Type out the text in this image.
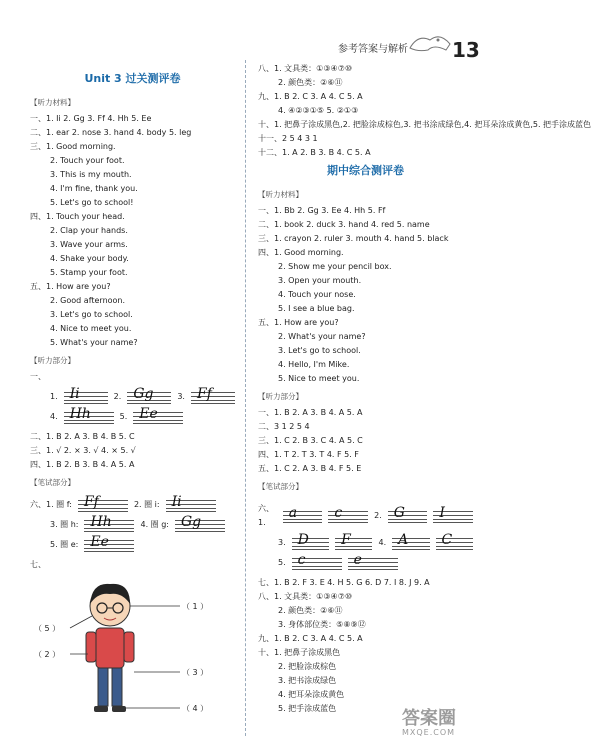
参考答案与解析 13
Unit 3 过关测评卷
【 听力材料 】
一、1. Ii 2. Gg 3. Ff 4. Hh 5. Ee
二、1. ear 2. nose 3. hand 4. body 5. leg
三、1. Good morning.
2. Touch your foot.
3. This is my mouth.
4. I'm fine, thank you.
5. Let's go to school!
四、1. Touch your head.
2. Clap your hands.
3. Wave your arms.
4. Shake your body.
5. Stamp your foot.
五、1. How are you?
2. Good afternoon.
3. Let's go to school.
4. Nice to meet you.
5. What's your name?
【 听力部分 】
一、
1. Ii	2. Gg	3. Ff
4. Hh	5. Ee
二、1. B 2. A 3. B 4. B 5. C
三、1. √ 2. × 3. √ 4. × 5. √
四、1. B 2. B 3. B 4. A 5. A
【 笔试部分 】
六、1. 圈 f: Ff	2. 圈 i: Ii
3. 圈 h: Hh	4. 圈 g: Gg
5. 圈 e: Ee
七、
（ 1 ）
（ 5 ）
（ 2 ）
（ 3 ）
（ 4 ）
八、1. 文具类：①③④⑦⑩
2. 颜色类：②⑥⑪
九、1. B 2. C 3. A 4. C 5. A
4. ④②③①⑤ 5. ②①③
十、1. 把鼻子涂成黑色,2. 把脸涂成棕色,3. 把书涂成绿色,4. 把耳朵涂成黄色,5. 把手涂成蓝色
十一、2 5 4 3 1
十二、1. A 2. B 3. B 4. C 5. A
期中综合测评卷
【 听力材料 】
一、1. Bb 2. Gg 3. Ee 4. Hh 5. Ff
二、1. book 2. duck 3. hand 4. red 5. name
三、1. crayon 2. ruler 3. mouth 4. hand 5. black
四、1. Good morning.
2. Show me your pencil box.
3. Open your mouth.
4. Touch your nose.
5. I see a blue bag.
五、1. How are you?
2. What's your name?
3. Let's go to school.
4. Hello, I'm Mike.
5. Nice to meet you.
【 听力部分 】
一、1. B 2. A 3. B 4. A 5. A
二、3 1 2 5 4
三、1. C 2. B 3. C 4. A 5. C
四、1. T 2. T 3. T 4. F 5. F
五、1. C 2. A 3. B 4. F 5. E
【 笔试部分 】
六、1.
a	c	2. G I
3. D F	4. A C
5. c	e
七、1. B 2. F 3. E 4. H 5. G 6. D 7. I 8. J 9. A
八、1. 文具类：①③④⑦⑩
2. 颜色类：②⑥⑪
3. 身体部位类：⑤⑧⑨⑫
九、1. B 2. C 3. A 4. C 5. A
十、1. 把鼻子涂成黑色
2. 把脸涂成棕色
3. 把书涂成绿色
4. 把耳朵涂成黄色
5. 把手涂成蓝色	答案圈
MXQE.COM
